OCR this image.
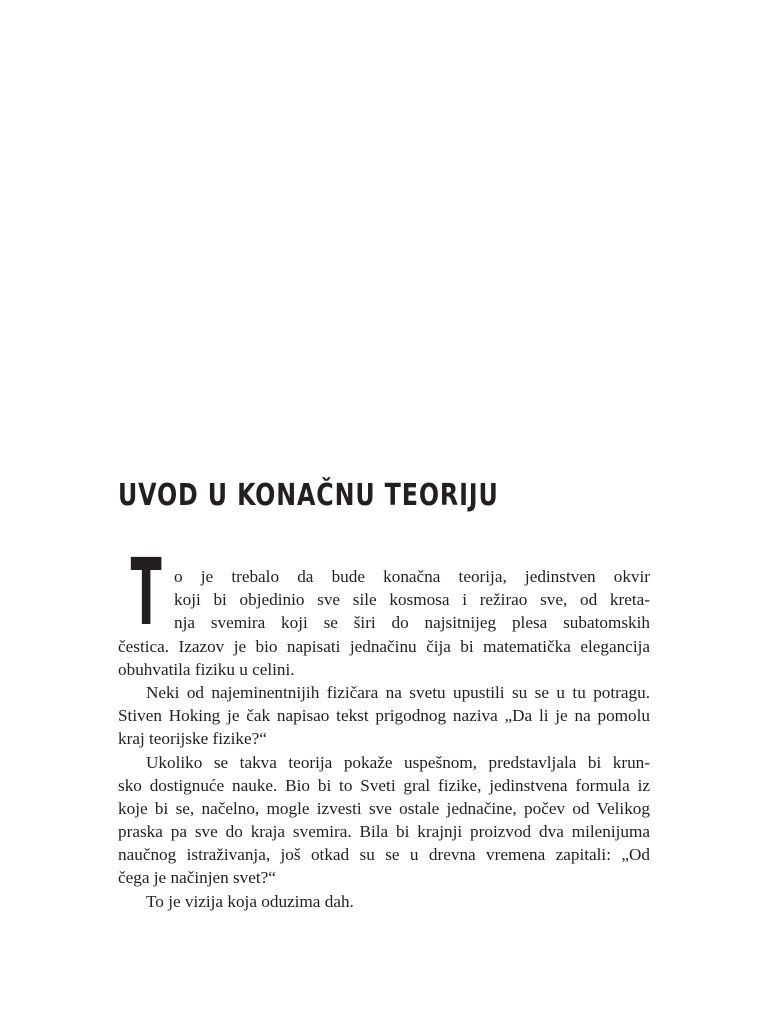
UVOD U KONAČNU TEORIJU
T o je trebalo da bude konačna teorija, jedinstven okvir
koji bi objedinio sve sile kosmosa i režirao sve, od kreta-
nja svemira koji se širi do najsitnijeg plesa subatomskih
čestica. Izazov je bio napisati jednačinu čija bi matematička elegancija
obuhvatila fiziku u celini.
Neki od najeminentnijih fizičara na svetu upustili su se u tu potragu.
Stiven Hoking je čak napisao tekst prigodnog naziva „Da li je na pomolu
kraj teorijske fizike?“
Ukoliko se takva teorija pokaže uspešnom, predstavljala bi krun-
sko dostignuće nauke. Bio bi to Sveti gral fizike, jedinstvena formula iz
koje bi se, načelno, mogle izvesti sve ostale jednačine, počev od Velikog
praska pa sve do kraja svemira. Bila bi krajnji proizvod dva milenijuma
naučnog istraživanja, još otkad su se u drevna vremena zapitali: „Od
čega je načinjen svet?“
To je vizija koja oduzima dah.
